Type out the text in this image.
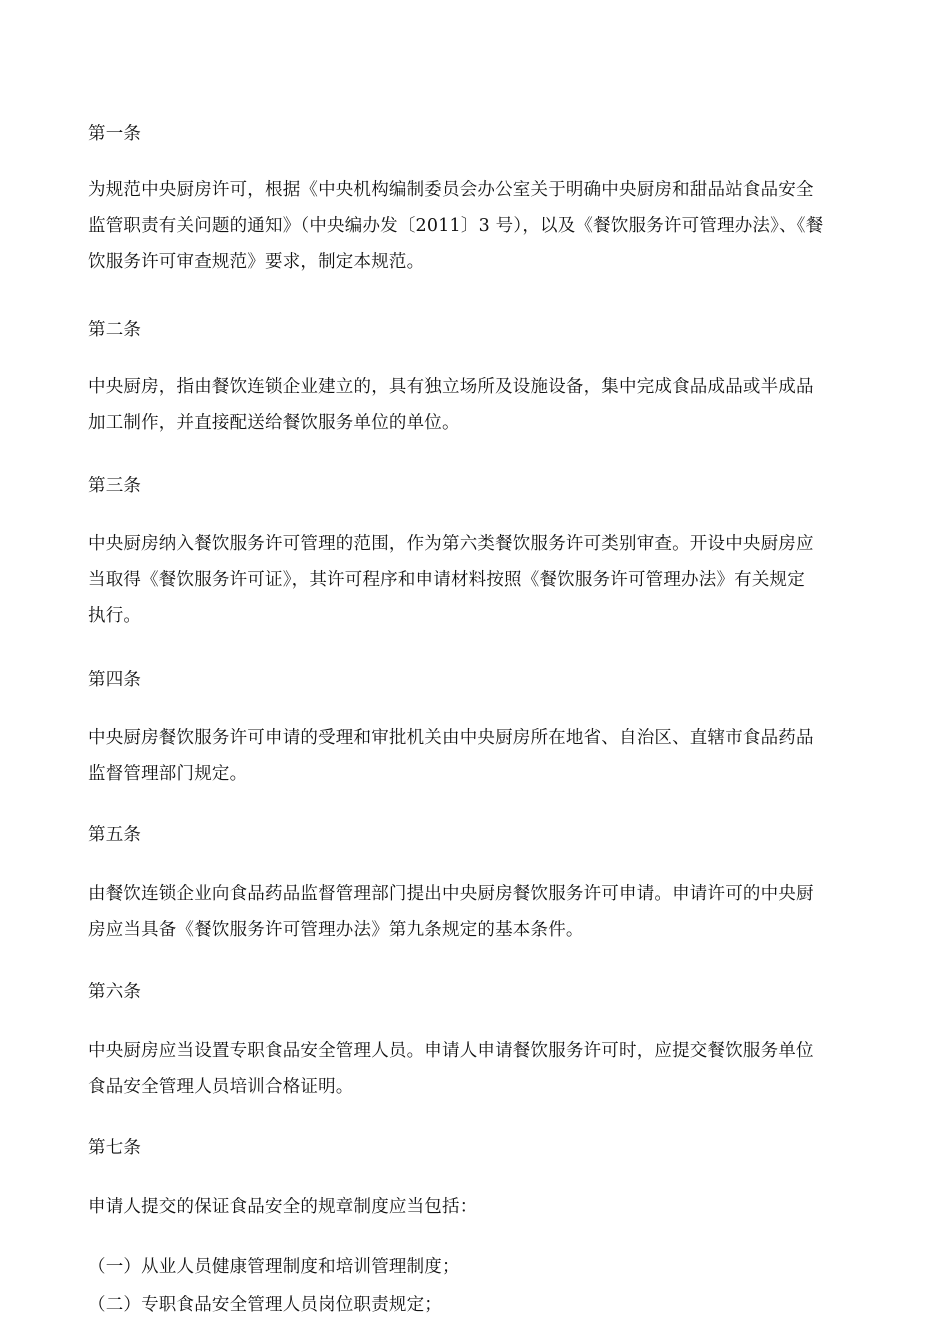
第一条
为规范中央厨房许可，根据《中央机构编制委员会办公室关于明确中央厨房和甜品站食品安全
监管职责有关问题的通知》（中央编办发〔2011〕3 号），以及《餐饮服务许可管理办法》、《餐
饮服务许可审查规范》要求，制定本规范。
第二条
中央厨房，指由餐饮连锁企业建立的，具有独立场所及设施设备，集中完成食品成品或半成品
加工制作，并直接配送给餐饮服务单位的单位。
第三条
中央厨房纳入餐饮服务许可管理的范围，作为第六类餐饮服务许可类别审查。开设中央厨房应
当取得《餐饮服务许可证》，其许可程序和申请材料按照《餐饮服务许可管理办法》有关规定
执行。
第四条
中央厨房餐饮服务许可申请的受理和审批机关由中央厨房所在地省、自治区、直辖市食品药品
监督管理部门规定。
第五条
由餐饮连锁企业向食品药品监督管理部门提出中央厨房餐饮服务许可申请。申请许可的中央厨
房应当具备《餐饮服务许可管理办法》第九条规定的基本条件。
第六条
中央厨房应当设置专职食品安全管理人员。申请人申请餐饮服务许可时，应提交餐饮服务单位
食品安全管理人员培训合格证明。
第七条
申请人提交的保证食品安全的规章制度应当包括：
（一）从业人员健康管理制度和培训管理制度；
（二）专职食品安全管理人员岗位职责规定；
